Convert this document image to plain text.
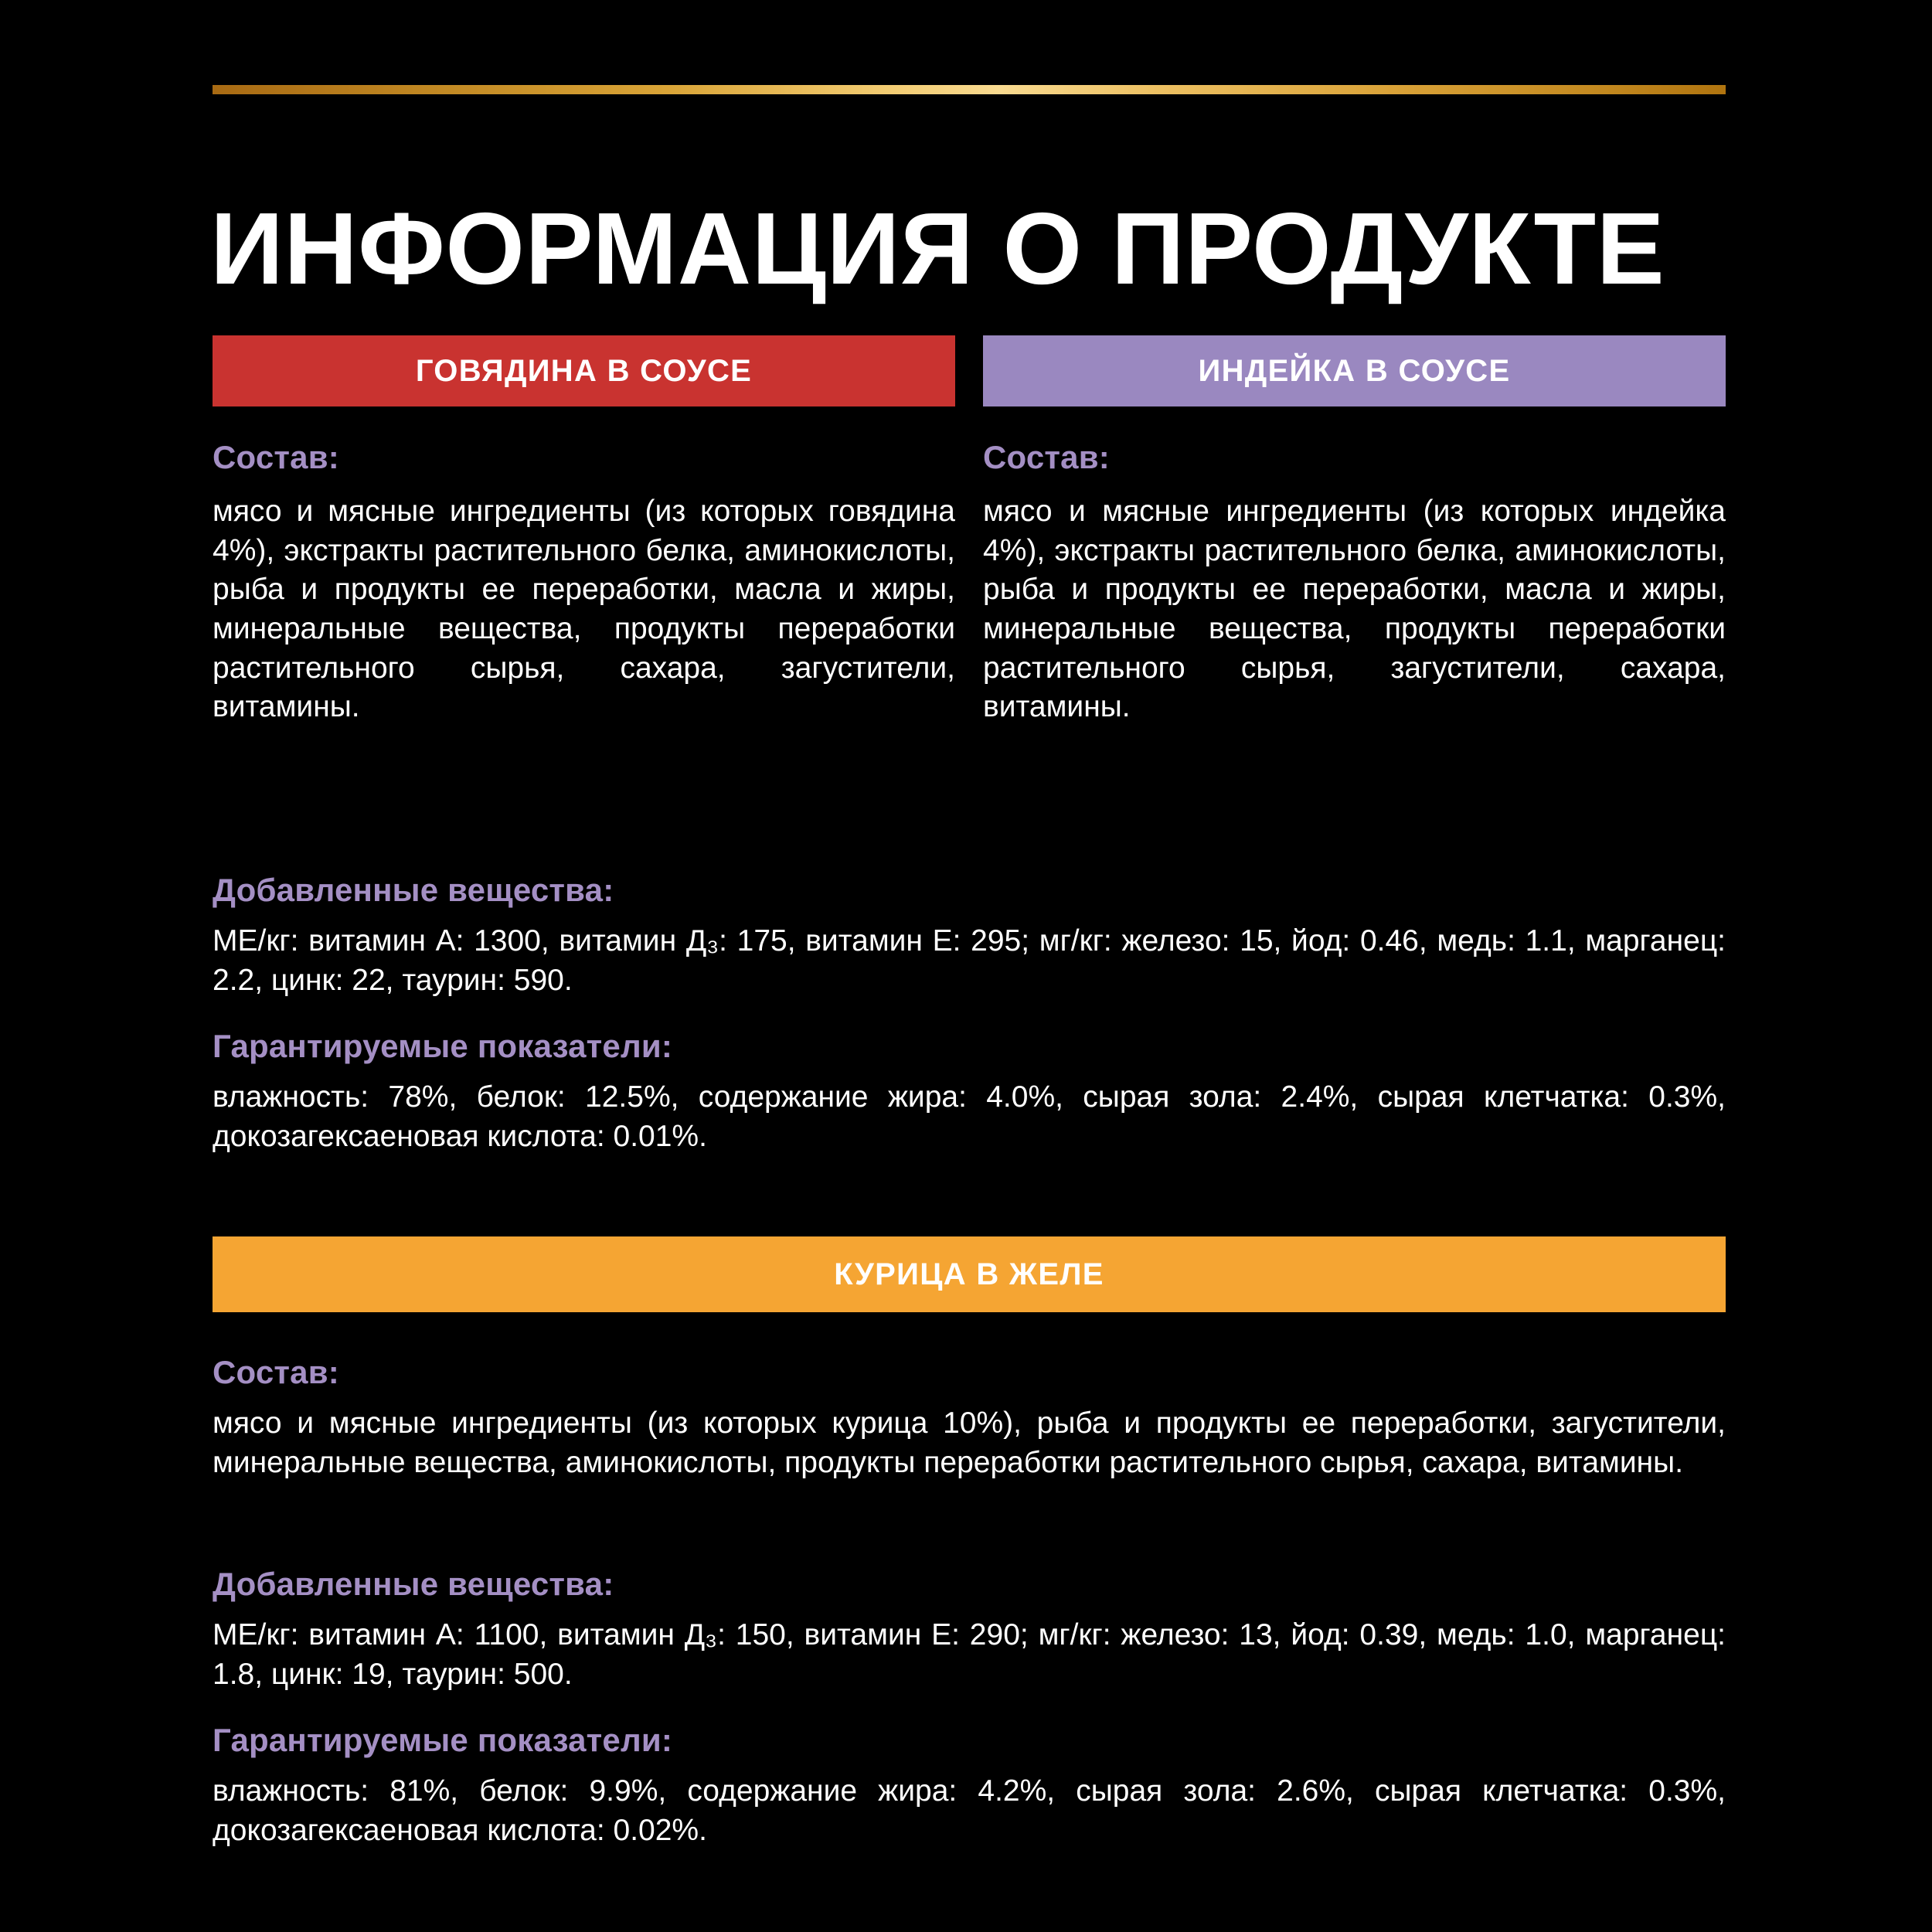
ИНФОРМАЦИЯ О ПРОДУКТЕ
ГОВЯДИНА В СОУСЕ	ИНДЕЙКА В СОУСЕ
Состав:

мясо и мясные ингредиенты (из которых говядина 4%), экстракты растительного белка, аминокислоты, рыба и продукты ее переработки, масла и жиры, минеральные вещества, продукты переработки растительного сырья, сахара, загустители, витамины.

Состав:

мясо и мясные ингредиенты (из которых индейка 4%), экстракты растительного белка, аминокислоты, рыба и продукты ее переработки, масла и жиры, минеральные вещества, продукты переработки растительного сырья, загустители, сахара, витамины.

Добавленные вещества:

МЕ/кг: витамин А: 1300, витамин Д₃: 175, витамин Е: 295; мг/кг: железо: 15, йод: 0.46, медь: 1.1, марганец: 2.2, цинк: 22, таурин: 590.

Гарантируемые показатели:

влажность: 78%, белок: 12.5%, содержание жира: 4.0%, сырая зола: 2.4%, сырая клетчатка: 0.3%, докозагексаеновая кислота: 0.01%.

КУРИЦА В ЖЕЛЕ
Состав:

мясо и мясные ингредиенты (из которых курица 10%), рыба и продукты ее переработки, загустители, минеральные вещества, аминокислоты, продукты переработки растительного сырья, сахара, витамины.

Добавленные вещества:

МЕ/кг: витамин А: 1100, витамин Д₃: 150, витамин Е: 290; мг/кг: железо: 13, йод: 0.39, медь: 1.0, марганец: 1.8, цинк: 19, таурин: 500.

Гарантируемые показатели:

влажность: 81%, белок: 9.9%, содержание жира: 4.2%, сырая зола: 2.6%, сырая клетчатка: 0.3%, докозагексаеновая кислота: 0.02%.
